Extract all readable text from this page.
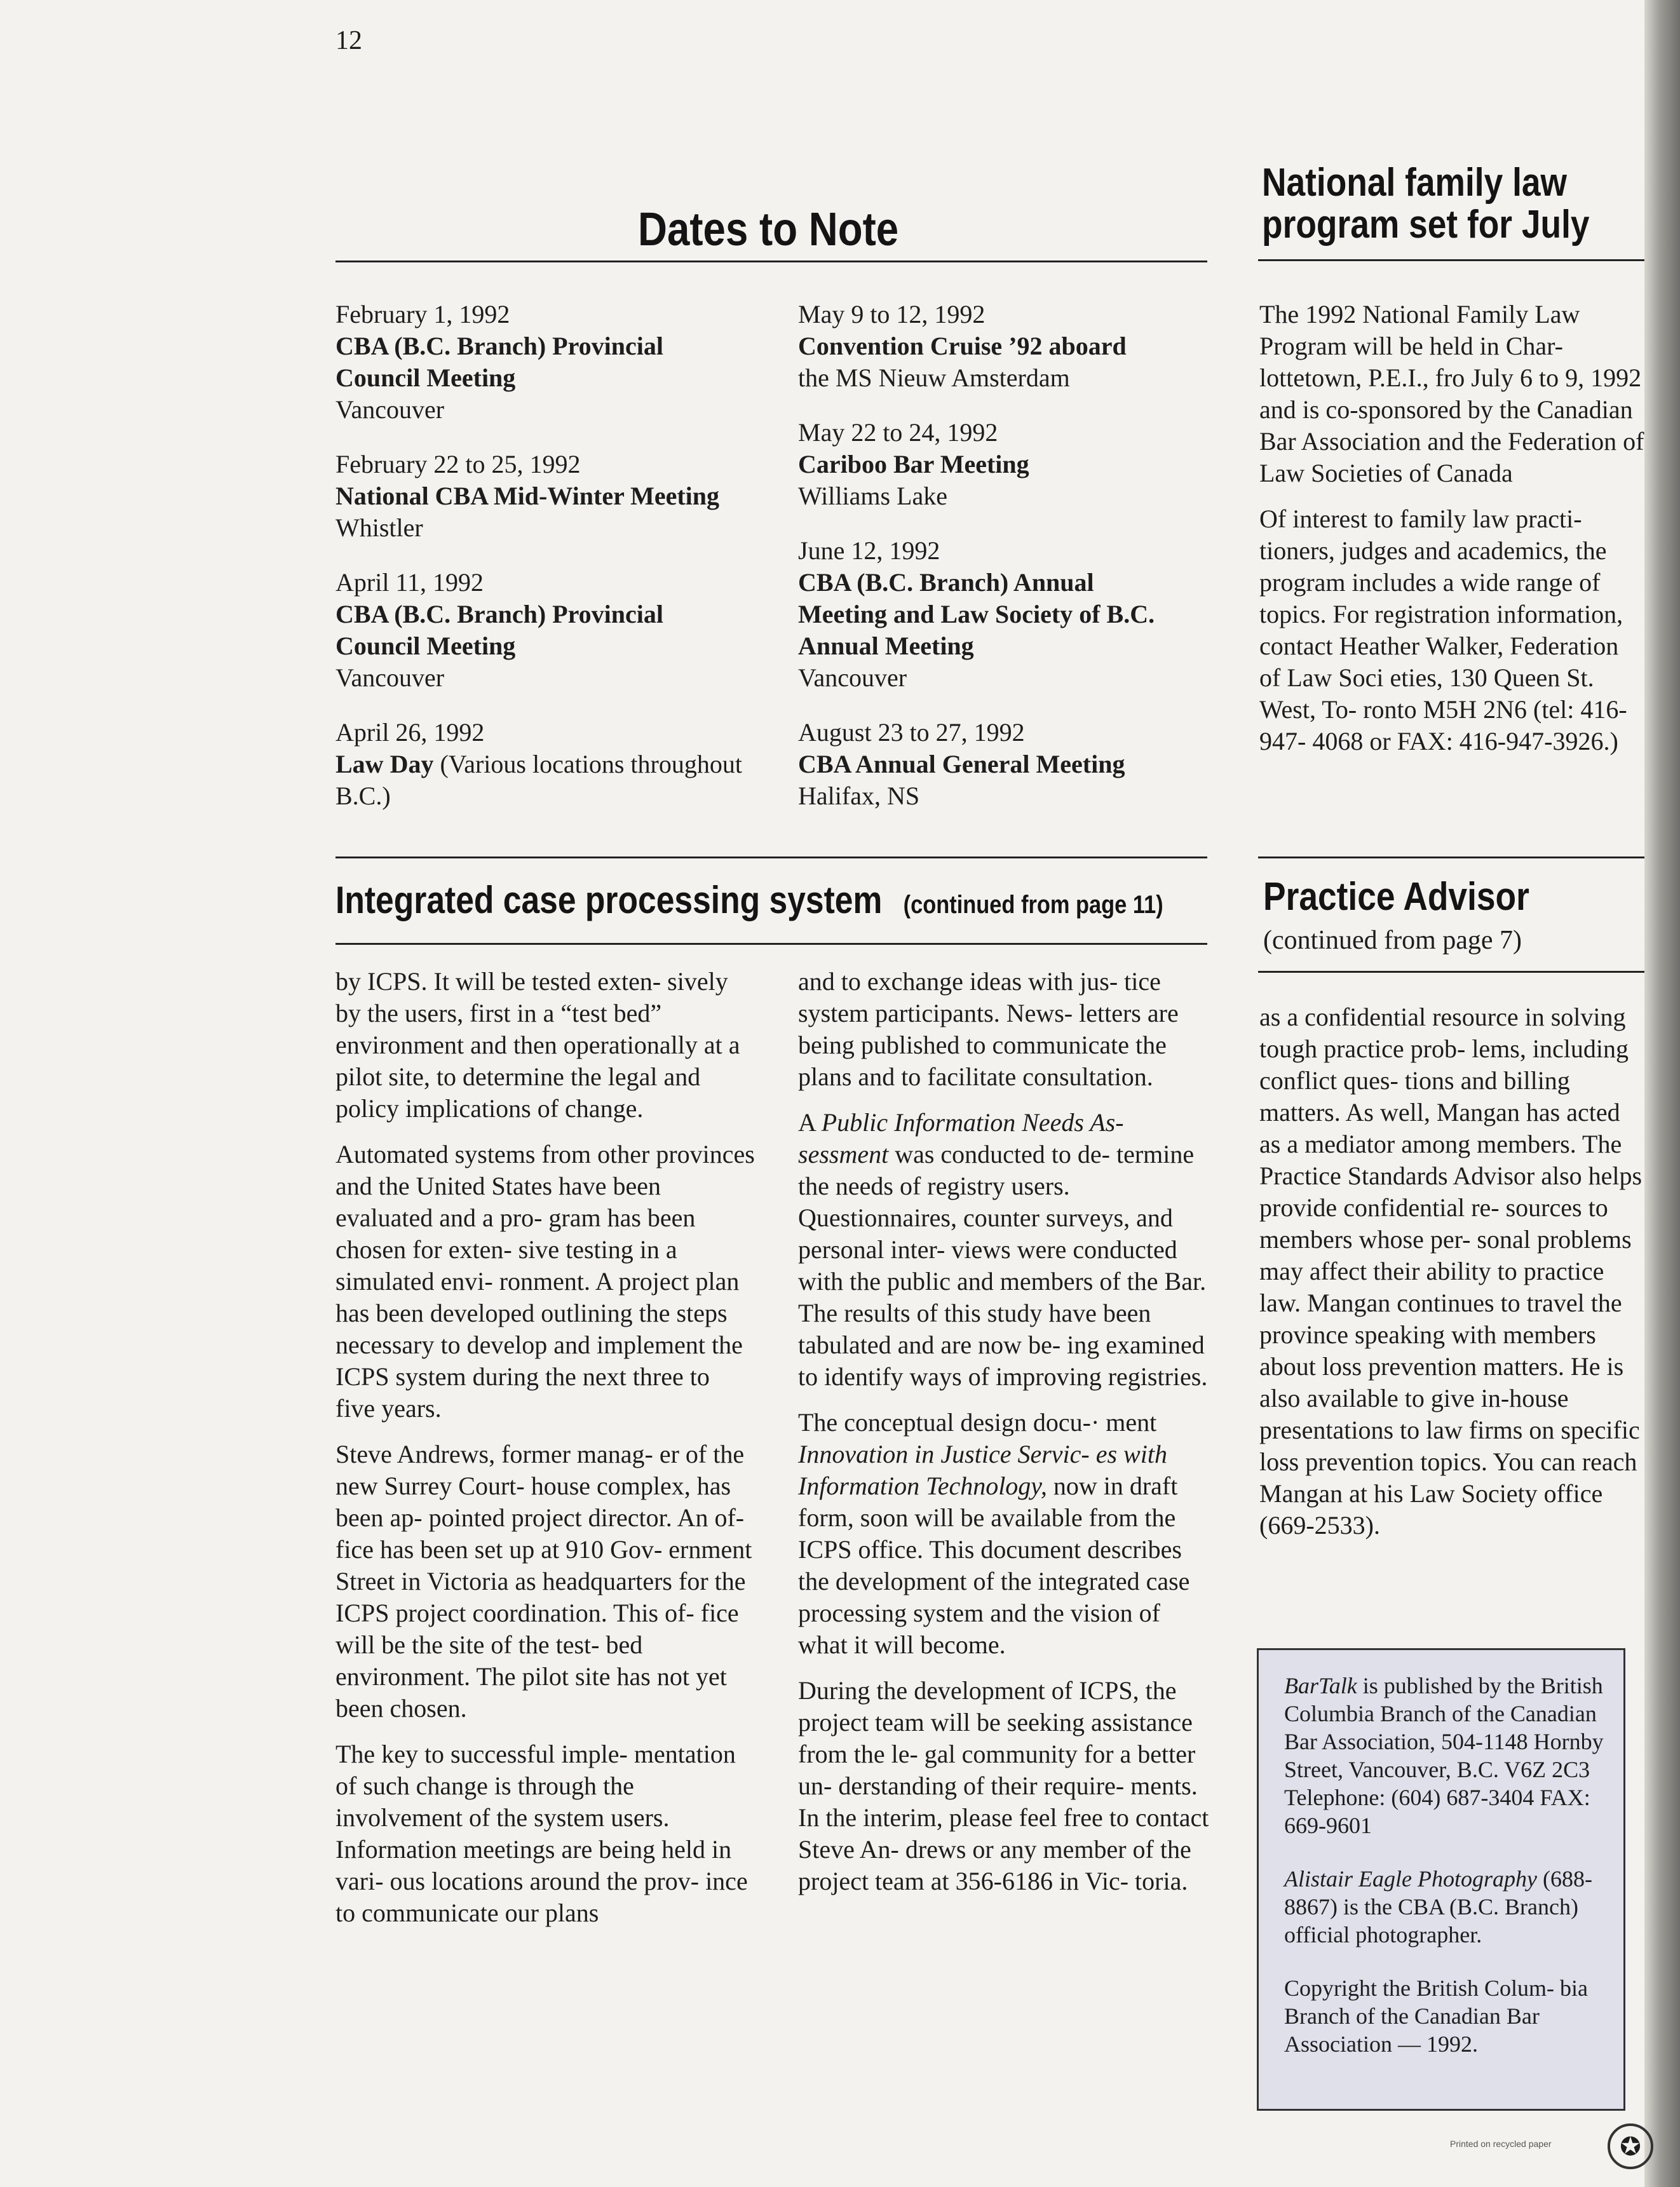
12
Dates to Note
February 1, 1992
CBA (B.C. Branch) Provincial Council Meeting
Vancouver
February 22 to 25, 1992
National CBA Mid-Winter Meeting
Whistler
April 11, 1992
CBA (B.C. Branch) Provincial Council Meeting
Vancouver
April 26, 1992
Law Day (Various locations throughout B.C.)
May 9 to 12, 1992
Convention Cruise ’92 aboard
the MS Nieuw Amsterdam
May 22 to 24, 1992
Cariboo Bar Meeting
Williams Lake
June 12, 1992
CBA (B.C. Branch) Annual Meeting and Law Society of B.C. Annual Meeting
Vancouver
August 23 to 27, 1992
CBA Annual General Meeting
Halifax, NS
National family law
program set for July

The 1992 National Family Law Program will be held in Char- lottetown, P.E.I., fro July 6 to 9, 1992 and is co-sponsored by the Canadian Bar Association and the Federation of Law Societies of Canada

Of interest to family law practi- tioners, judges and academics, the program includes a wide range of topics. For registration information, contact Heather Walker, Federation of Law Soci eties, 130 Queen St. West, To- ronto M5H 2N6 (tel: 416-947- 4068 or FAX: 416-947-3926.)

Integrated case processing system (continued from page 11)

by ICPS. It will be tested exten- sively by the users, first in a “test bed” environment and then operationally at a pilot site, to determine the legal and policy implications of change.

Automated systems from other provinces and the United States have been evaluated and a pro- gram has been chosen for exten- sive testing in a simulated envi- ronment. A project plan has been developed outlining the steps necessary to develop and implement the ICPS system during the next three to five years.

Steve Andrews, former manag- er of the new Surrey Court- house complex, has been ap- pointed project director. An of- fice has been set up at 910 Gov- ernment Street in Victoria as headquarters for the ICPS project coordination. This of- fice will be the site of the test- bed environment. The pilot site has not yet been chosen.

The key to successful imple- mentation of such change is through the involvement of the system users. Information meetings are being held in vari- ous locations around the prov- ince to communicate our plans

and to exchange ideas with jus- tice system participants. News- letters are being published to communicate the plans and to facilitate consultation.

A Public Information Needs As- sessment was conducted to de- termine the needs of registry users. Questionnaires, counter surveys, and personal inter- views were conducted with the public and members of the Bar. The results of this study have been tabulated and are now be- ing examined to identify ways of improving registries.

The conceptual design docu-· ment Innovation in Justice Servic- es with Information Technology, now in draft form, soon will be available from the ICPS office. This document describes the development of the integrated case processing system and the vision of what it will become.

During the development of ICPS, the project team will be seeking assistance from the le- gal community for a better un- derstanding of their require- ments. In the interim, please feel free to contact Steve An- drews or any member of the project team at 356-6186 in Vic- toria.

Practice Advisor
(continued from page 7)

as a confidential resource in solving tough practice prob- lems, including conflict ques- tions and billing matters. As well, Mangan has acted as a mediator among members. The Practice Standards Advisor also helps provide confidential re- sources to members whose per- sonal problems may affect their ability to practice law. Mangan continues to travel the province speaking with members about loss prevention matters. He is also available to give in-house presentations to law firms on specific loss prevention topics. You can reach Mangan at his Law Society office (669-2533).

BarTalk is published by the British Columbia Branch of the Canadian Bar Association, 504-1148 Hornby Street, Vancouver, B.C. V6Z 2C3 Telephone: (604) 687-3404 FAX: 669-9601

Alistair Eagle Photography (688-8867) is the CBA (B.C. Branch) official photographer.

Copyright the British Colum- bia Branch of the Canadian Bar Association — 1992.

Printed on recycled paper	✪
